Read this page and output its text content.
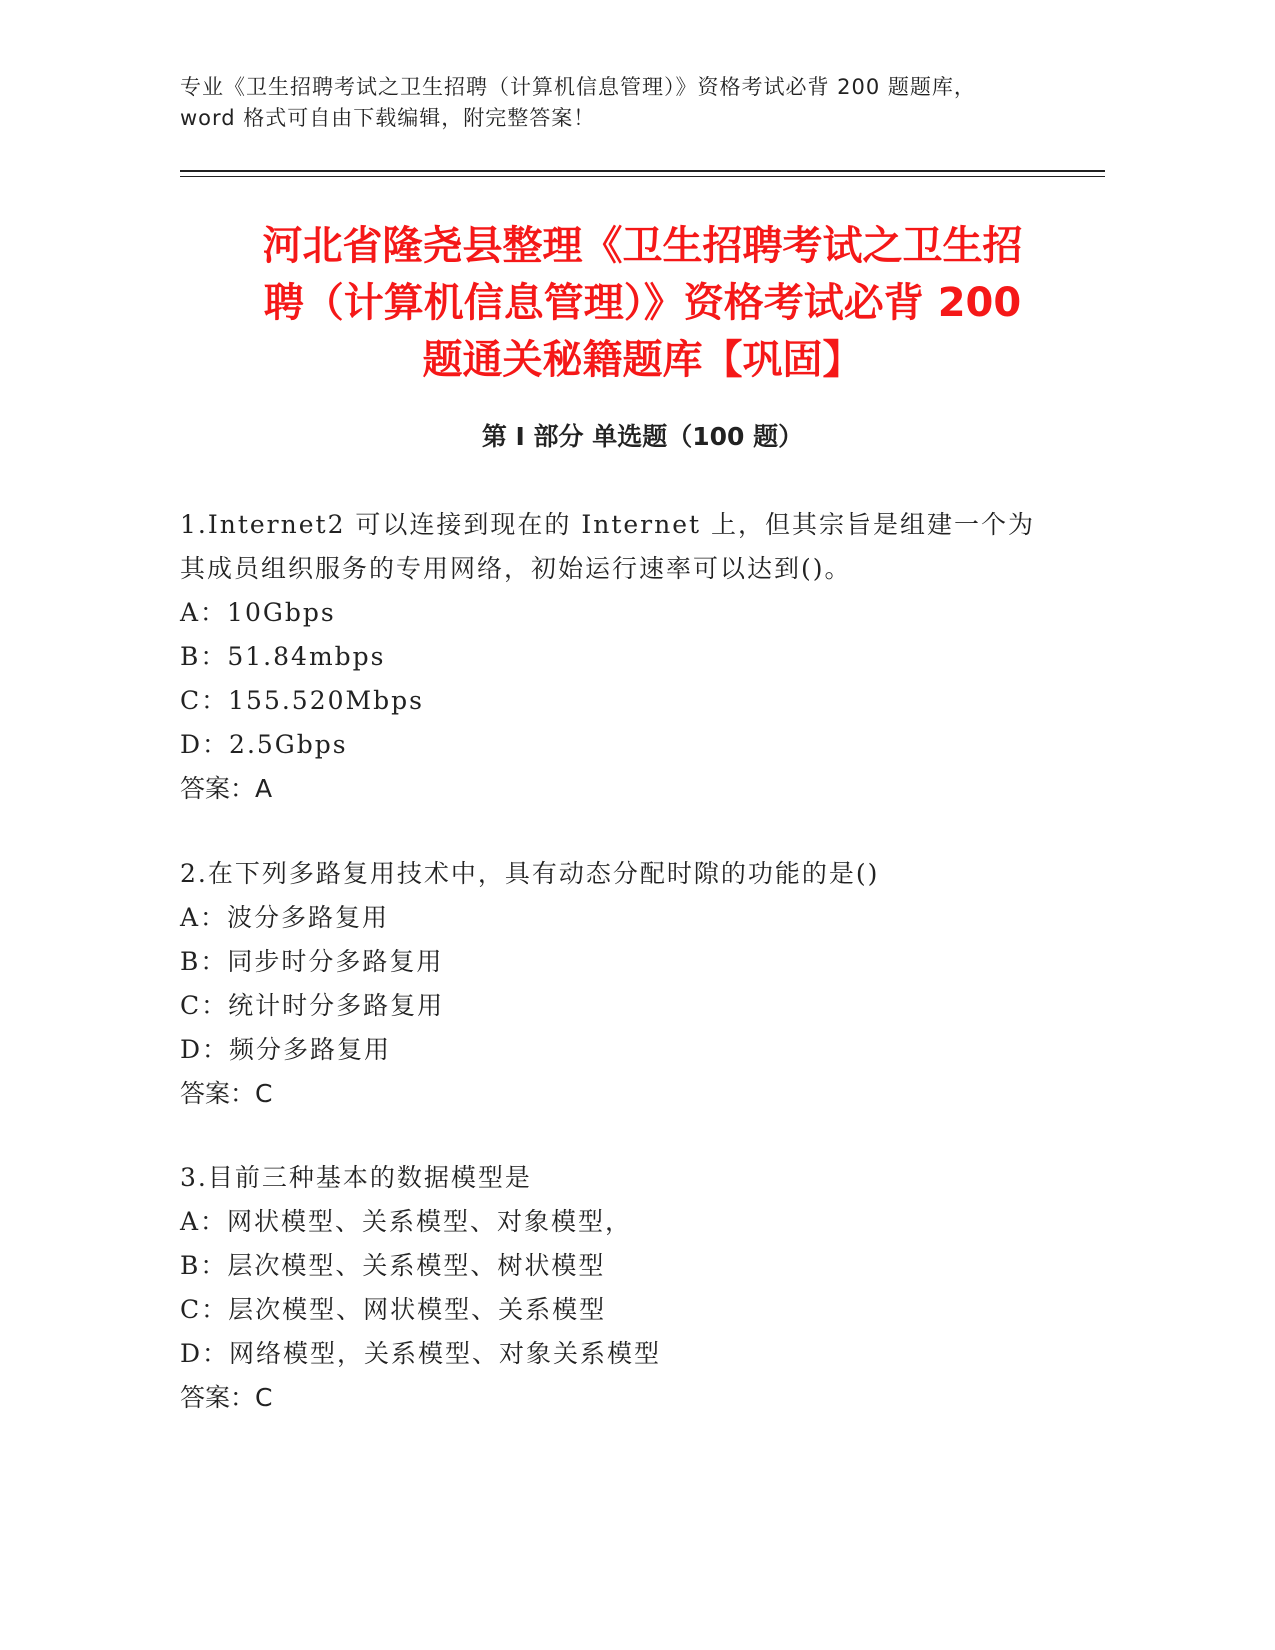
专业《卫生招聘考试之卫生招聘（计算机信息管理）》资格考试必背 200 题题库，
word 格式可自由下载编辑，附完整答案！
河北省隆尧县整理《卫生招聘考试之卫生招
聘（计算机信息管理）》资格考试必背 200
题通关秘籍题库【巩固】
第 I 部分 单选题（100 题）
1.Internet2 可以连接到现在的 Internet 上，但其宗旨是组建一个为
其成员组织服务的专用网络，初始运行速率可以达到()。
A：10Gbps
B：51.84mbps
C：155.520Mbps
D：2.5Gbps
答案：A
2.在下列多路复用技术中，具有动态分配时隙的功能的是()
A：波分多路复用
B：同步时分多路复用
C：统计时分多路复用
D：频分多路复用
答案：C
3.目前三种基本的数据模型是
A：网状模型、关系模型、对象模型，
B：层次模型、关系模型、树状模型
C：层次模型、网状模型、关系模型
D：网络模型，关系模型、对象关系模型
答案：C
